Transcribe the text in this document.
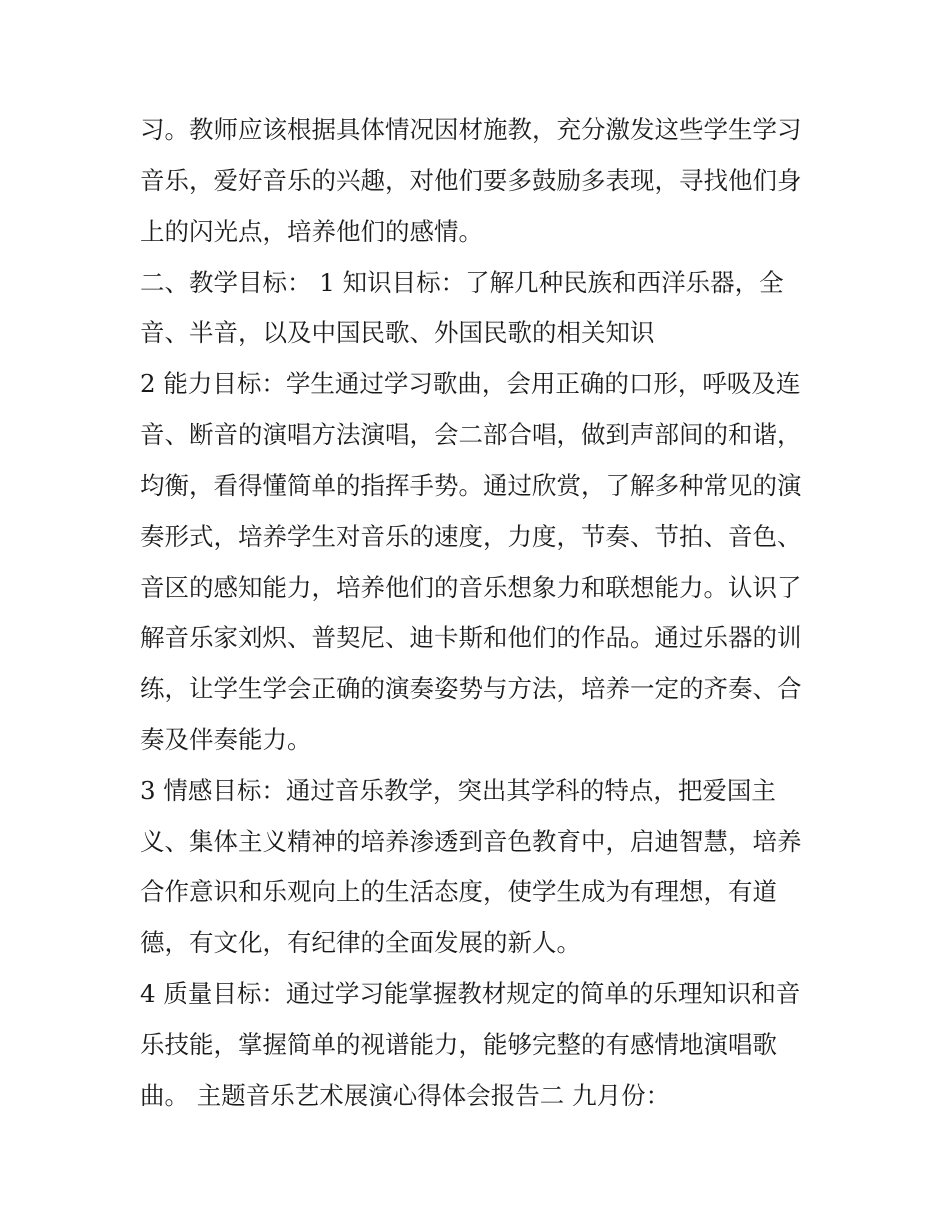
习。教师应该根据具体情况因材施教，充分激发这些学生学习
音乐，爱好音乐的兴趣，对他们要多鼓励多表现，寻找他们身
上的闪光点，培养他们的感情。
二、教学目标： 1 知识目标：了解几种民族和西洋乐器，全
音、半音，以及中国民歌、外国民歌的相关知识
2 能力目标：学生通过学习歌曲，会用正确的口形，呼吸及连
音、断音的演唱方法演唱，会二部合唱，做到声部间的和谐，
均衡，看得懂简单的指挥手势。通过欣赏，了解多种常见的演
奏形式，培养学生对音乐的速度，力度，节奏、节拍、音色、
音区的感知能力，培养他们的音乐想象力和联想能力。认识了
解音乐家刘炽、普契尼、迪卡斯和他们的作品。通过乐器的训
练，让学生学会正确的演奏姿势与方法，培养一定的齐奏、合
奏及伴奏能力。
3 情感目标：通过音乐教学，突出其学科的特点，把爱国主
义、集体主义精神的培养渗透到音色教育中，启迪智慧，培养
合作意识和乐观向上的生活态度，使学生成为有理想，有道
德，有文化，有纪律的全面发展的新人。
4 质量目标：通过学习能掌握教材规定的简单的乐理知识和音
乐技能，掌握简单的视谱能力，能够完整的有感情地演唱歌
曲。 主题音乐艺术展演心得体会报告二 九月份：
